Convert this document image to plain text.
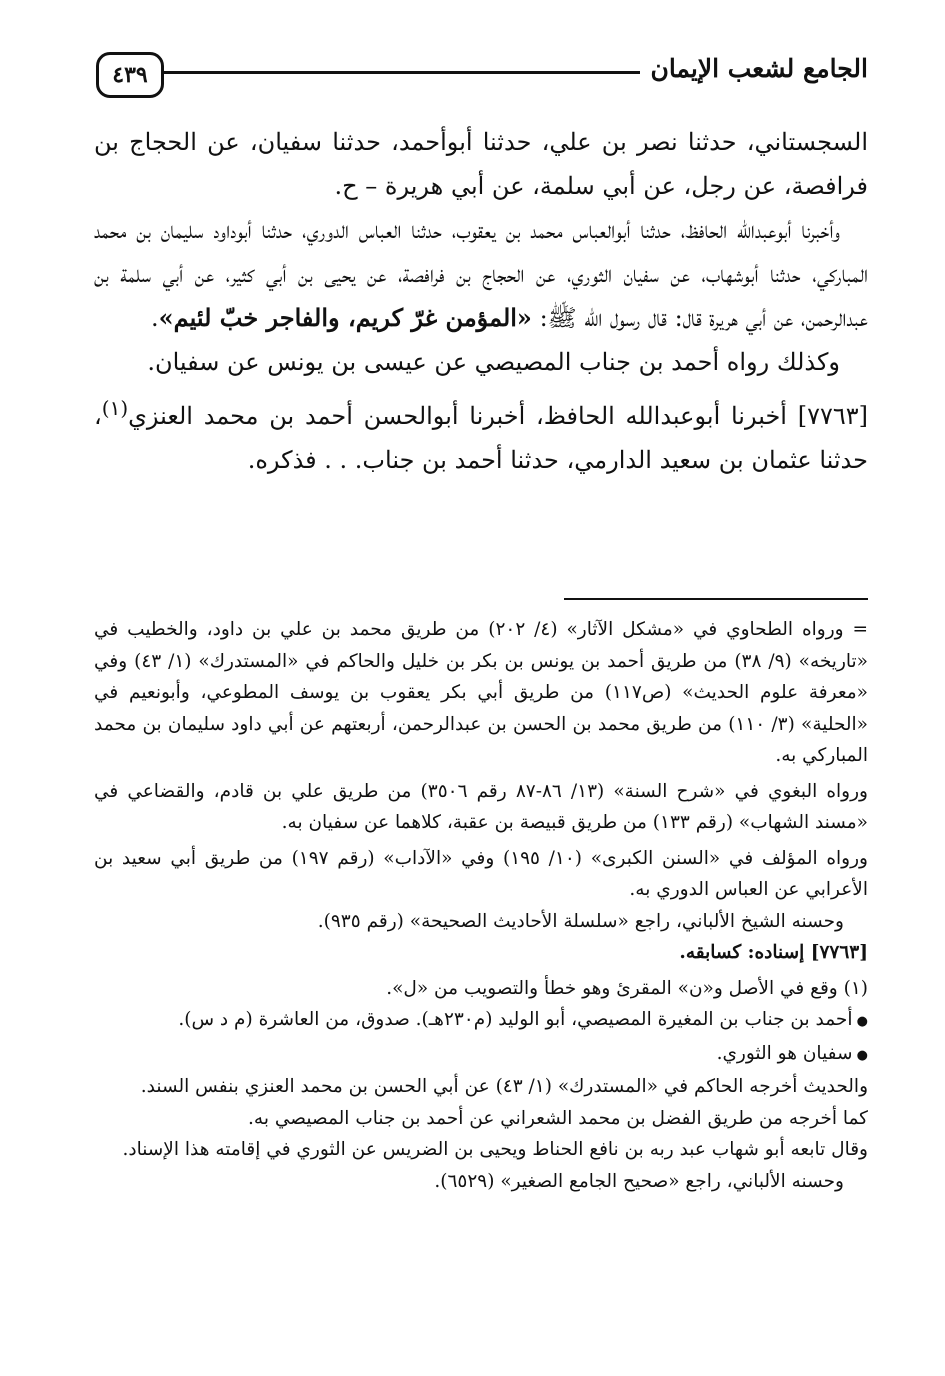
٤٣٩	الجامع لشعب الإيمان

السجستاني، حدثنا نصر بن علي، حدثنا أبوأحمد، حدثنا سفيان، عن الحجاج بن فرافصة، عن رجل، عن أبي سلمة، عن أبي هريرة – ح.

وأخبرنا أبوعبدالله الحافظ، حدثنا أبوالعباس محمد بن يعقوب، حدثنا العباس الدوري، حدثنا أبوداود سليمان بن محمد المباركي، حدثنا أبوشهاب، عن سفيان الثوري، عن الحجاج بن فرافصة، عن يحيى بن أبي كثير، عن أبي سلمة بن عبدالرحمن، عن أبي هريرة قال: قال رسول الله ﷺ: «المؤمن غرّ كريم، والفاجر خبّ لئيم».

وكذلك رواه أحمد بن جناب المصيصي عن عيسى بن يونس عن سفيان.

[٧٧٦٣] أخبرنا أبوعبدالله الحافظ، أخبرنا أبوالحسن أحمد بن محمد العنزي$^{(١)}$، حدثنا عثمان بن سعيد الدارمي، حدثنا أحمد بن جناب. . . فذكره.

= ورواه الطحاوي في «مشكل الآثار» (٤/ ٢٠٢) من طريق محمد بن علي بن داود، والخطيب في «تاريخه» (٩/ ٣٨) من طريق أحمد بن يونس بن بكر بن خليل والحاكم في «المستدرك» (١/ ٤٣) وفي «معرفة علوم الحديث» (ص١١٧) من طريق أبي بكر يعقوب بن يوسف المطوعي، وأبونعيم في «الحلية» (٣/ ١١٠) من طريق محمد بن الحسن بن عبدالرحمن، أربعتهم عن أبي داود سليمان بن محمد المباركي به.

ورواه البغوي في «شرح السنة» (١٣/ ٨٦-٨٧ رقم ٣٥٠٦) من طريق علي بن قادم، والقضاعي في «مسند الشهاب» (رقم ١٣٣) من طريق قبيصة بن عقبة، كلاهما عن سفيان به.

ورواه المؤلف في «السنن الكبرى» (١٠/ ١٩٥) وفي «الآداب» (رقم ١٩٧) من طريق أبي سعيد بن الأعرابي عن العباس الدوري به.

وحسنه الشيخ الألباني، راجع «سلسلة الأحاديث الصحيحة» (رقم ٩٣٥).

[٧٧٦٣] إسناده: كسابقه.

(١) وقع في الأصل و«ن» المقرئ وهو خطأ والتصويب من «ل».

● أحمد بن جناب بن المغيرة المصيصي، أبو الوليد (م٢٣٠هـ). صدوق، من العاشرة (م د س).

● سفيان هو الثوري.

والحديث أخرجه الحاكم في «المستدرك» (١/ ٤٣) عن أبي الحسن بن محمد العنزي بنفس السند.

كما أخرجه من طريق الفضل بن محمد الشعراني عن أحمد بن جناب المصيصي به.

وقال تابعه أبو شهاب عبد ربه بن نافع الحناط ويحيى بن الضريس عن الثوري في إقامته هذا الإسناد.

وحسنه الألباني، راجع «صحيح الجامع الصغير» (٦٥٢٩).
